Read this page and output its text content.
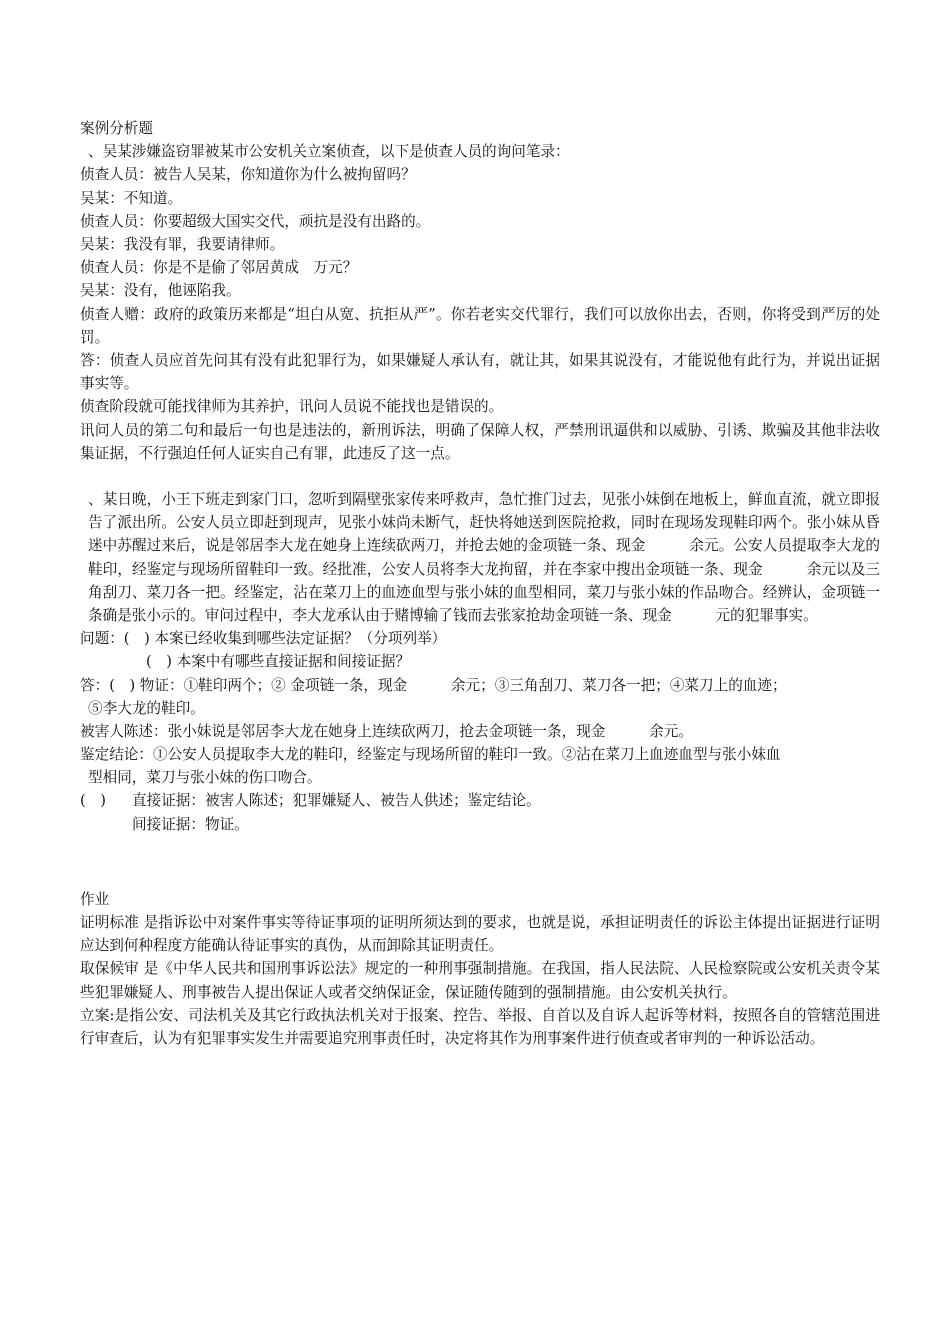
案例分析题
、吴某涉嫌盗窃罪被某市公安机关立案侦查，以下是侦查人员的询问笔录：
侦查人员：被告人吴某，你知道你为什么被拘留吗？
吴某：不知道。
侦查人员：你要超级大国实交代，顽抗是没有出路的。
吴某：我没有罪，我要请律师。
侦查人员：你是不是偷了邻居黄成　万元？
吴某：没有，他诬陷我。
侦查人赠：政府的政策历来都是“坦白从宽、抗拒从严”。你若老实交代罪行，我们可以放你出去，否则，你将受到严厉的处罚。
答：侦查人员应首先问其有没有此犯罪行为，如果嫌疑人承认有，就让其，如果其说没有，才能说他有此行为，并说出证据事实等。
侦查阶段就可能找律师为其养护，讯问人员说不能找也是错误的。
讯问人员的第二句和最后一句也是违法的，新刑诉法，明确了保障人权，严禁刑讯逼供和以威胁、引诱、欺骗及其他非法收集证据，不行强迫任何人证实自己有罪，此违反了这一点。
、某日晚，小王下班走到家门口，忽听到隔壁张家传来呼救声，急忙推门过去，见张小妹倒在地板上，鲜血直流，就立即报告了派出所。公安人员立即赶到现声，见张小妹尚未断气，赶快将她送到医院抢救，同时在现场发现鞋印两个。张小妹从昏迷中苏醒过来后，说是邻居李大龙在她身上连续砍两刀，并抢去她的金项链一条、现金　　　余元。公安人员提取李大龙的鞋印，经鉴定与现场所留鞋印一致。经批准，公安人员将李大龙拘留，并在李家中搜出金项链一条、现金　　　余元以及三角刮刀、菜刀各一把。经鉴定，沾在菜刀上的血迹血型与张小妹的血型相同，菜刀与张小妹的作品吻合。经辨认，金项链一条确是张小示的。审问过程中，李大龙承认由于赌博输了钱而去张家抢劫金项链一条、现金　　　元的犯罪事实。
问题：(　) 本案已经收集到哪些法定证据？（分项列举）
(　) 本案中有哪些直接证据和间接证据？
答：(　) 物证：①鞋印两个；② 金项链一条，现金　　　余元；③三角刮刀、菜刀各一把；④菜刀上的血迹；
⑤李大龙的鞋印。
被害人陈述：张小妹说是邻居李大龙在她身上连续砍两刀，抢去金项链一条，现金　　　余元。
鉴定结论：①公安人员提取李大龙的鞋印，经鉴定与现场所留的鞋印一致。②沾在菜刀上血迹血型与张小妹血
型相同，菜刀与张小妹的伤口吻合。
(　) 直接证据：被害人陈述；犯罪嫌疑人、被告人供述；鉴定结论。
间接证据：物证。
作业
证明标准 是指诉讼中对案件事实等待证事项的证明所须达到的要求，也就是说，承担证明责任的诉讼主体提出证据进行证明应达到何种程度方能确认待证事实的真伪，从而卸除其证明责任。
取保候审 是《中华人民共和国刑事诉讼法》规定的一种刑事强制措施。在我国，指人民法院、人民检察院或公安机关责令某些犯罪嫌疑人、刑事被告人提出保证人或者交纳保证金，保证随传随到的强制措施。由公安机关执行。
立案:是指公安、司法机关及其它行政执法机关对于报案、控告、举报、自首以及自诉人起诉等材料，按照各自的管辖范围进行审查后，认为有犯罪事实发生并需要追究刑事责任时，决定将其作为刑事案件进行侦查或者审判的一种诉讼活动。
